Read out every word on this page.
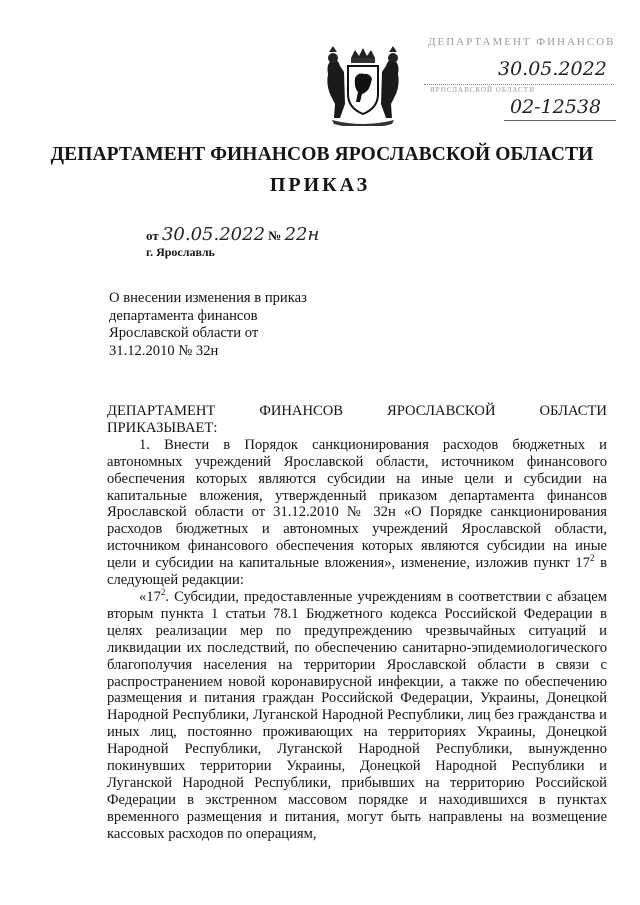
ДЕПАРТАМЕНТ ФИНАНСОВ
30.05.2022
ЯРОСЛАВСКОЙ ОБЛАСТИ
02-12538
ДЕПАРТАМЕНТ ФИНАНСОВ ЯРОСЛАВСКОЙ ОБЛАСТИ
ПРИКАЗ
от 30.05.2022 № 22н
г. Ярославль
О внесении изменения в приказ
департамента финансов
Ярославской области от
31.12.2010 № 32н
ДЕПАРТАМЕНТ	ФИНАНСОВ	ЯРОСЛАВСКОЙ	ОБЛАСТИ
ПРИКАЗЫВАЕТ:

1. Внести в Порядок санкционирования расходов бюджетных и автономных учреждений Ярославской области, источником финансового обеспечения которых являются субсидии на иные цели и субсидии на капитальные вложения, утвержденный приказом департамента финансов Ярославской области от 31.12.2010 № 32н «О Порядке санкционирования расходов бюджетных и автономных учреждений Ярославской области, источником финансового обеспечения которых являются субсидии на иные цели и субсидии на капитальные вложения», изменение, изложив пункт $17^2$ в следующей редакции:

«$17^2$. Субсидии, предоставленные учреждениям в соответствии с абзацем вторым пункта 1 статьи 78.1 Бюджетного кодекса Российской Федерации в целях реализации мер по предупреждению чрезвычайных ситуаций и ликвидации их последствий, по обеспечению санитарно-эпидемиологического благополучия населения на территории Ярославской области в связи с распространением новой коронавирусной инфекции, а также по обеспечению размещения и питания граждан Российской Федерации, Украины, Донецкой Народной Республики, Луганской Народной Республики, лиц без гражданства и иных лиц, постоянно проживающих на территориях Украины, Донецкой Народной Республики, Луганской Народной Республики, вынужденно покинувших территории Украины, Донецкой Народной Республики и Луганской Народной Республики, прибывших на территорию Российской Федерации в экстренном массовом порядке и находившихся в пунктах временного размещения и питания, могут быть направлены на возмещение кассовых расходов по операциям,
